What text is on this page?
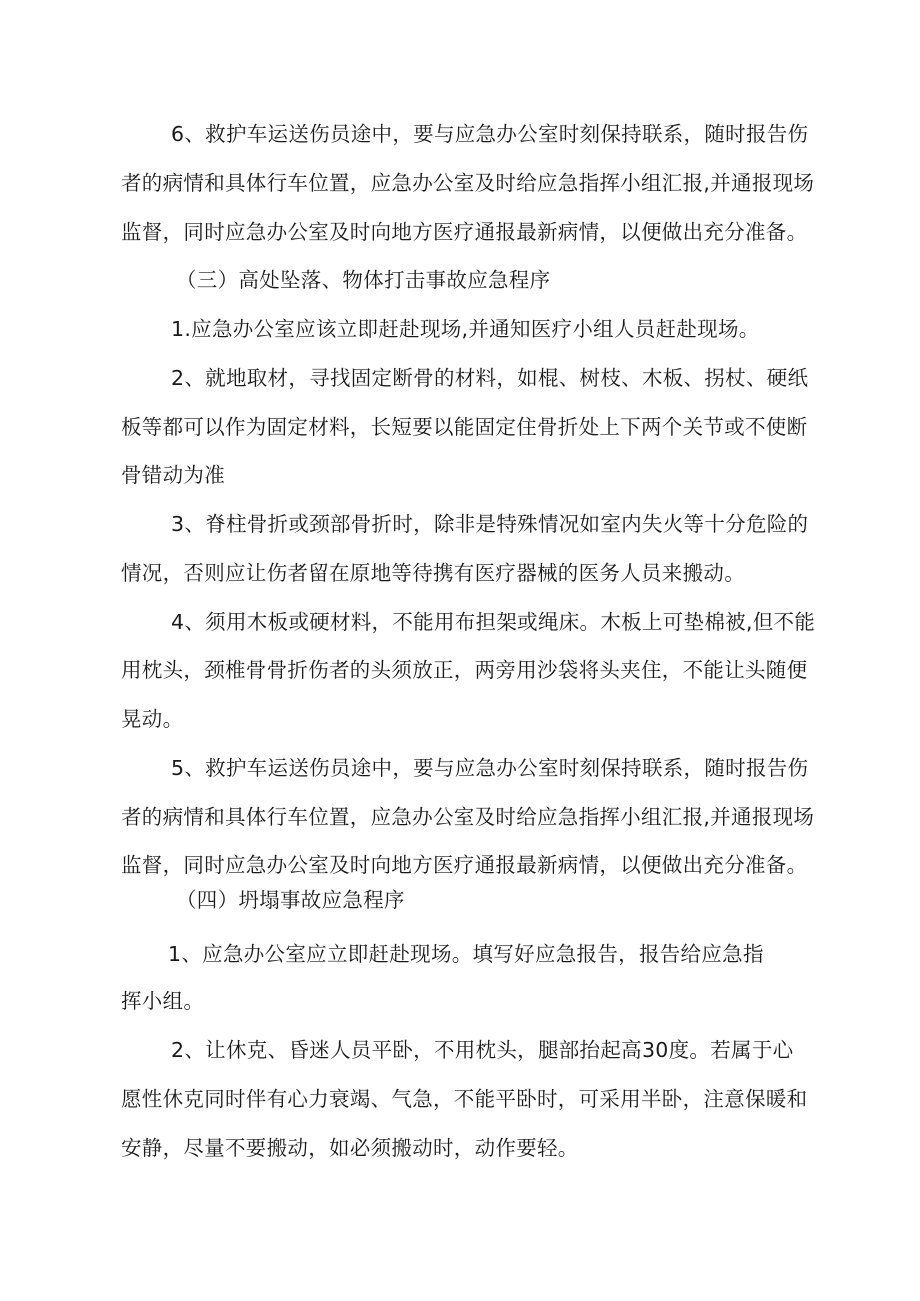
6、救护车运送伤员途中，要与应急办公室时刻保持联系，随时报告伤
者的病情和具体行车位置，应急办公室及时给应急指挥小组汇报,并通报现场
监督，同时应急办公室及时向地方医疗通报最新病情，以便做出充分准备。
（三）高处坠落、物体打击事故应急程序
1.应急办公室应该立即赶赴现场,并通知医疗小组人员赶赴现场。
2、就地取材，寻找固定断骨的材料，如棍、树枝、木板、拐杖、硬纸
板等都可以作为固定材料，长短要以能固定住骨折处上下两个关节或不使断
骨错动为准
3、脊柱骨折或颈部骨折时，除非是特殊情况如室内失火等十分危险的
情况，否则应让伤者留在原地等待携有医疗器械的医务人员来搬动。
4、须用木板或硬材料，不能用布担架或绳床。木板上可垫棉被,但不能
用枕头，颈椎骨骨折伤者的头须放正，两旁用沙袋将头夹住，不能让头随便
晃动。
5、救护车运送伤员途中，要与应急办公室时刻保持联系，随时报告伤
者的病情和具体行车位置，应急办公室及时给应急指挥小组汇报,并通报现场
监督，同时应急办公室及时向地方医疗通报最新病情，以便做出充分准备。
（四）坍塌事故应急程序
1、应急办公室应立即赶赴现场。填写好应急报告，报告给应急指
挥小组。
2、让休克、昏迷人员平卧，不用枕头，腿部抬起高30度。若属于心
愿性休克同时伴有心力衰竭、气急，不能平卧时，可采用半卧，注意保暖和
安静，尽量不要搬动，如必须搬动时，动作要轻。
